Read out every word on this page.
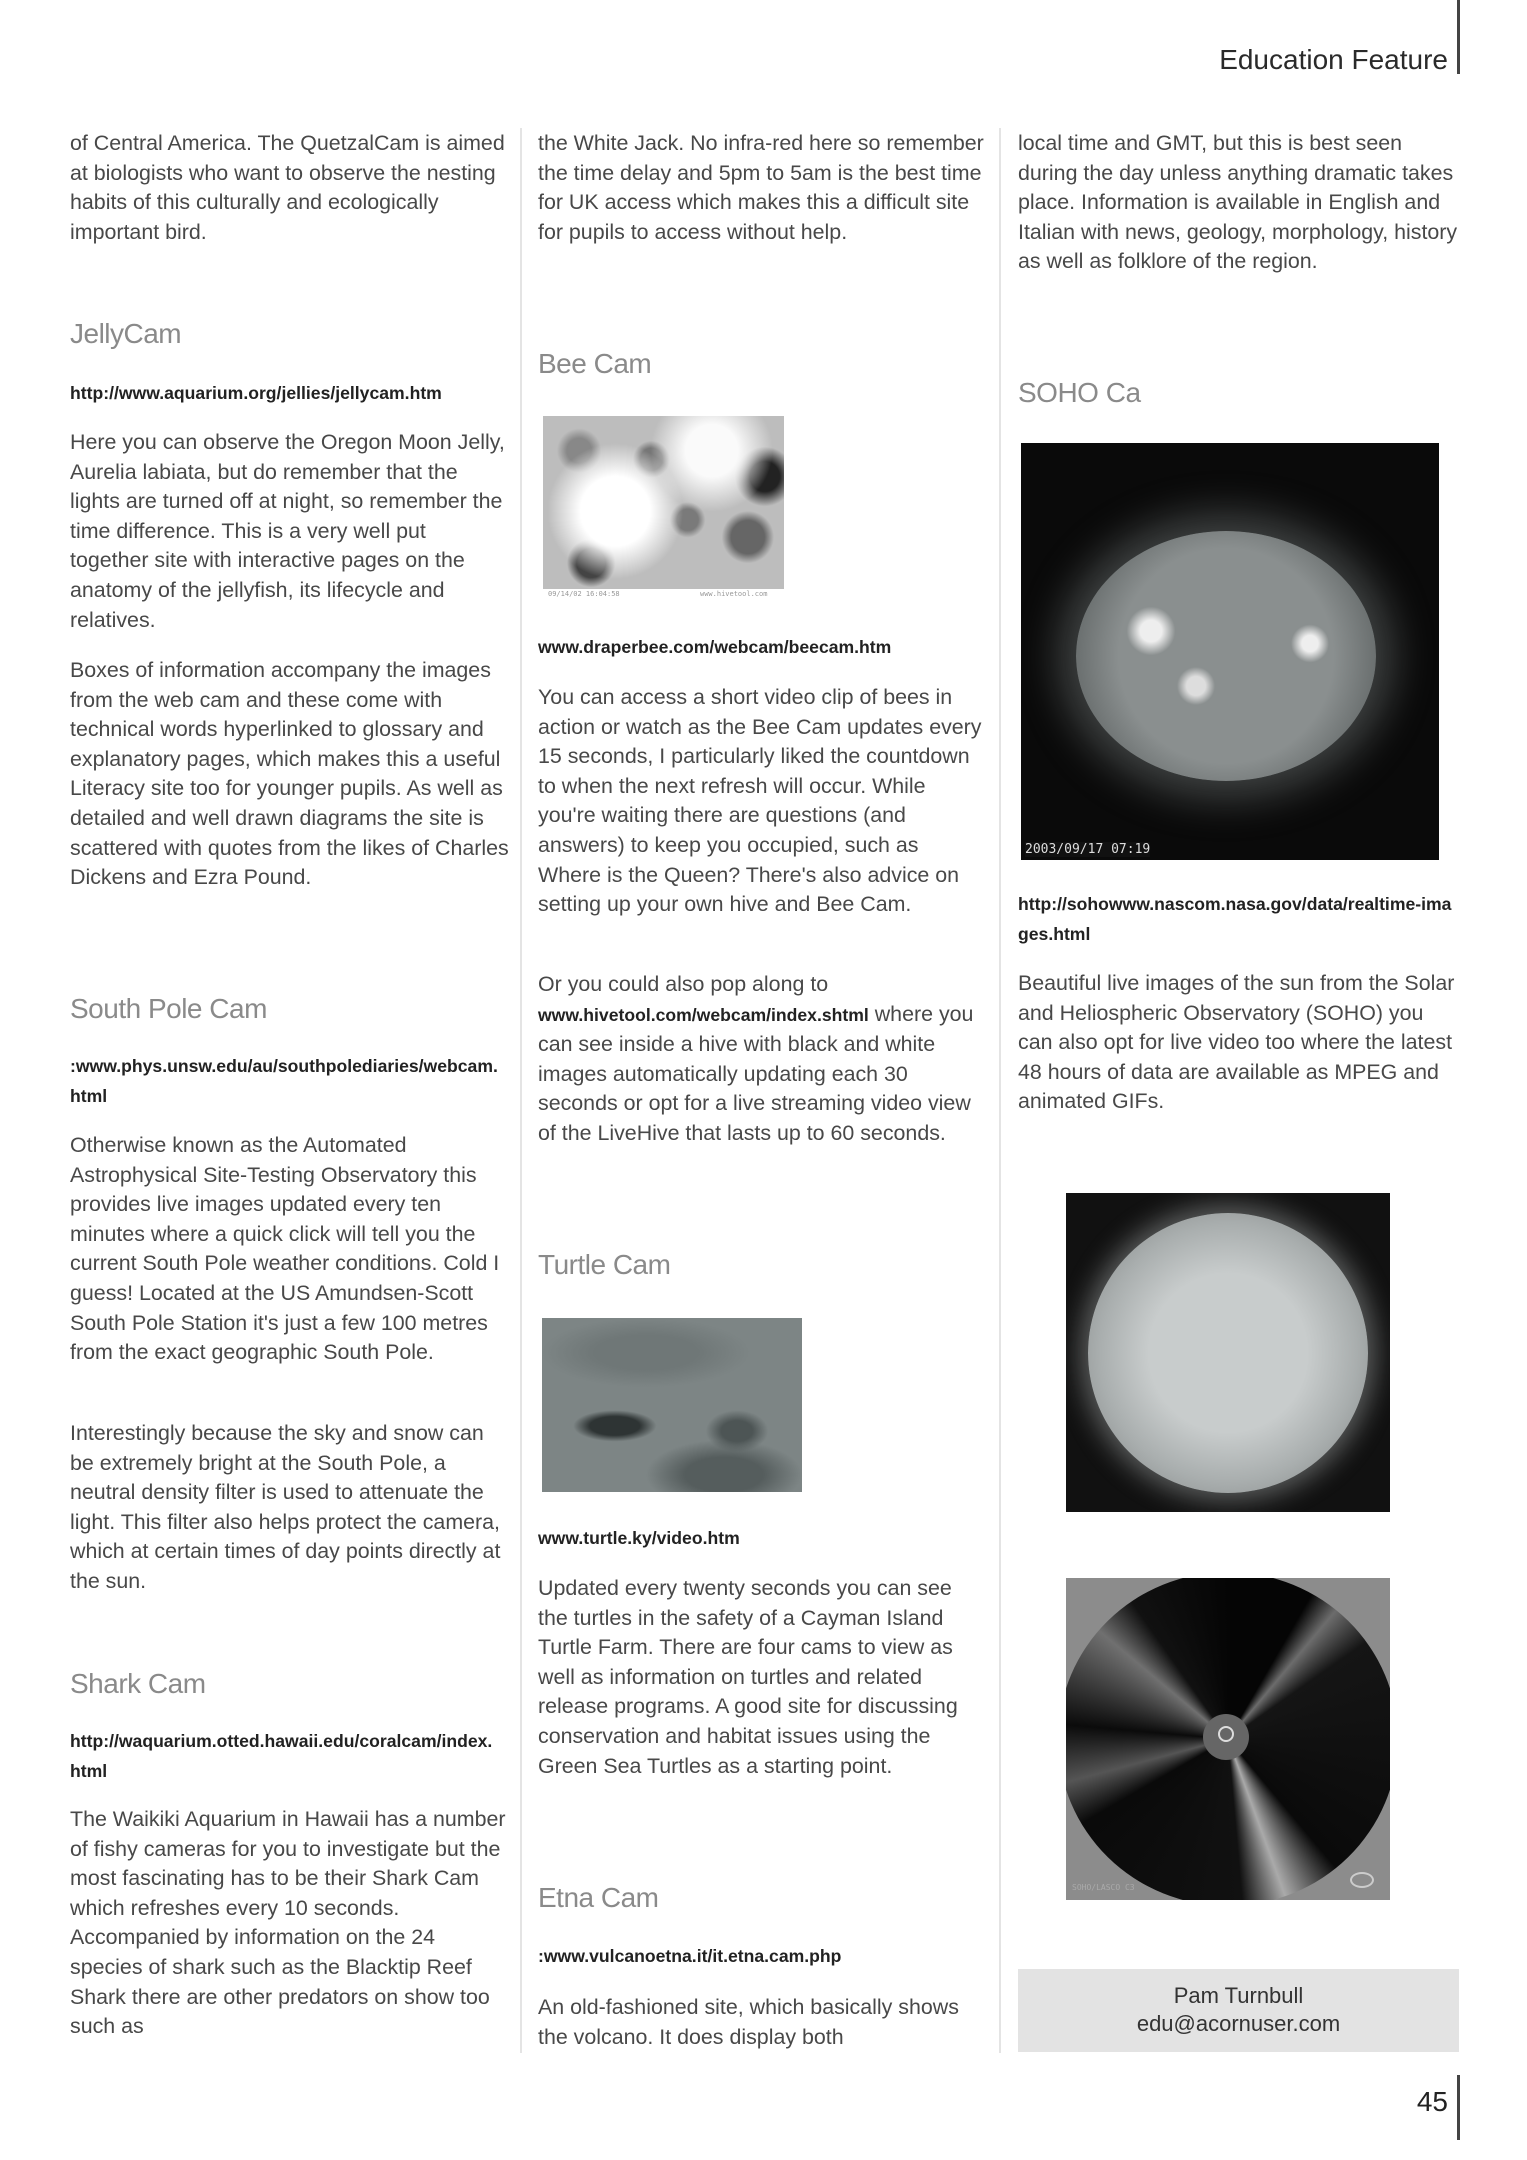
Education Feature

of Central America. The QuetzalCam is aimed at biologists who want to observe the nesting habits of this culturally and ecologically important bird.

JellyCam
http://www.aquarium.org/jellies/jellycam.htm

Here you can observe the Oregon Moon Jelly, Aurelia labiata, but do remember that the lights are turned off at night, so remember the time difference. This is a very well put together site with interactive pages on the anatomy of the jellyfish, its lifecycle and relatives.

Boxes of information accompany the images from the web cam and these come with technical words hyperlinked to glossary and explanatory pages, which makes this a useful Literacy site too for younger pupils. As well as detailed and well drawn diagrams the site is scattered with quotes from the likes of Charles Dickens and Ezra Pound.

South Pole Cam
:www.phys.unsw.edu/au/southpolediaries/webcam.html

Otherwise known as the Automated Astrophysical Site-Testing Observatory this provides live images updated every ten minutes where a quick click will tell you the current South Pole weather conditions. Cold I guess! Located at the US Amundsen-Scott South Pole Station it's just a few 100 metres from the exact geographic South Pole.

Interestingly because the sky and snow can be extremely bright at the South Pole, a neutral density filter is used to attenuate the light. This filter also helps protect the camera, which at certain times of day points directly at the sun.

Shark Cam
http://waquarium.otted.hawaii.edu/coralcam/index.html

The Waikiki Aquarium in Hawaii has a number of fishy cameras for you to investigate but the most fascinating has to be their Shark Cam which refreshes every 10 seconds. Accompanied by information on the 24 species of shark such as the Blacktip Reef Shark there are other predators on show too such as

the White Jack. No infra-red here so remember the time delay and 5pm to 5am is the best time for UK access which makes this a difficult site for pupils to access without help.

Bee Cam
09/14/02 16:04:58	www.hivetool.com
www.draperbee.com/webcam/beecam.htm

You can access a short video clip of bees in action or watch as the Bee Cam updates every 15 seconds, I particularly liked the countdown to when the next refresh will occur. While you're waiting there are questions (and answers) to keep you occupied, such as Where is the Queen? There's also advice on setting up your own hive and Bee Cam.

Or you could also pop along to www.hivetool.com/webcam/index.shtml where you can see inside a hive with black and white images automatically updating each 30 seconds or opt for a live streaming video view of the LiveHive that lasts up to 60 seconds.

Turtle Cam
www.turtle.ky/video.htm

Updated every twenty seconds you can see the turtles in the safety of a Cayman Island Turtle Farm. There are four cams to view as well as information on turtles and related release programs. A good site for discussing conservation and habitat issues using the Green Sea Turtles as a starting point.

Etna Cam
:www.vulcanoetna.it/it.etna.cam.php

An old-fashioned site, which basically shows the volcano. It does display both

local time and GMT, but this is best seen during the day unless anything dramatic takes place. Information is available in English and Italian with news, geology, morphology, history as well as folklore of the region.

SOHO Ca
2003/09/17 07:19
http://sohowww.nascom.nasa.gov/data/realtime-images.html

Beautiful live images of the sun from the Solar and Heliospheric Observatory (SOHO) you can also opt for live video too where the latest 48 hours of data are available as MPEG and animated GIFs.

SOHO/LASCO C3
Pam Turnbull
edu@acornuser.com
45
